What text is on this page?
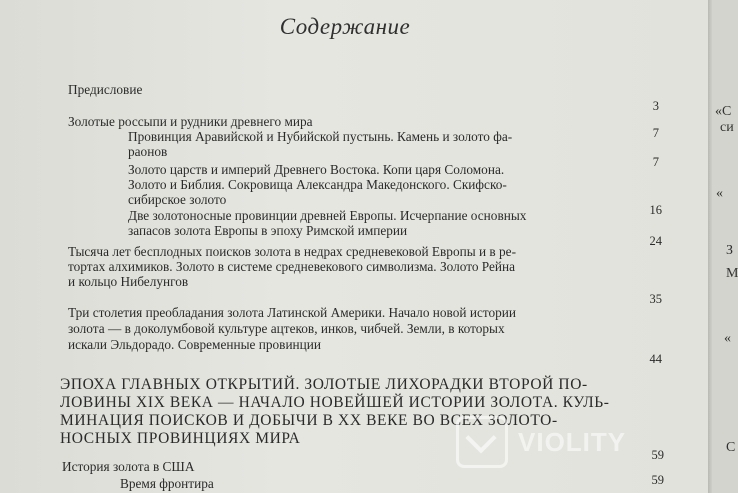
Содержание
Предисловие
3
Золотые россыпи и рудники древнего мира
Провинция Аравийской и Нубийской пустынь. Камень и золото фа-
раонов
7
7
Золото царств и империй Древнего Востока. Копи царя Соломона.
Золото и Библия. Сокровища Александра Македонского. Скифско-
сибирское золото
16
Две золотоносные провинции древней Европы. Исчерпание основных
запасов золота Европы в эпоху Римской империи
24
Тысяча лет бесплодных поисков золота в недрах средневековой Европы и в ре-
тортах алхимиков. Золото в системе средневекового символизма. Золото Рейна
и кольцо Нибелунгов
35
Три столетия преобладания золота Латинской Америки. Начало новой истории
золота — в доколумбовой культуре ацтеков, инков, чибчей. Земли, в которых
искали Эльдорадо. Современные провинции
44
ЭПОХА ГЛАВНЫХ ОТКРЫТИЙ. ЗОЛОТЫЕ ЛИХОРАДКИ ВТОРОЙ ПО-
ЛОВИНЫ XIX ВЕКА — НАЧАЛО НОВЕЙШЕЙ ИСТОРИИ ЗОЛОТА. КУЛЬ-
МИНАЦИЯ ПОИСКОВ И ДОБЫЧИ В XX ВЕКЕ ВО ВСЕХ ЗОЛОТО-
НОСНЫХ ПРОВИНЦИЯХ МИРА
59
История золота в США
59
Время фронтира
VIOLITY
«С
си
«
З
М
«
С
